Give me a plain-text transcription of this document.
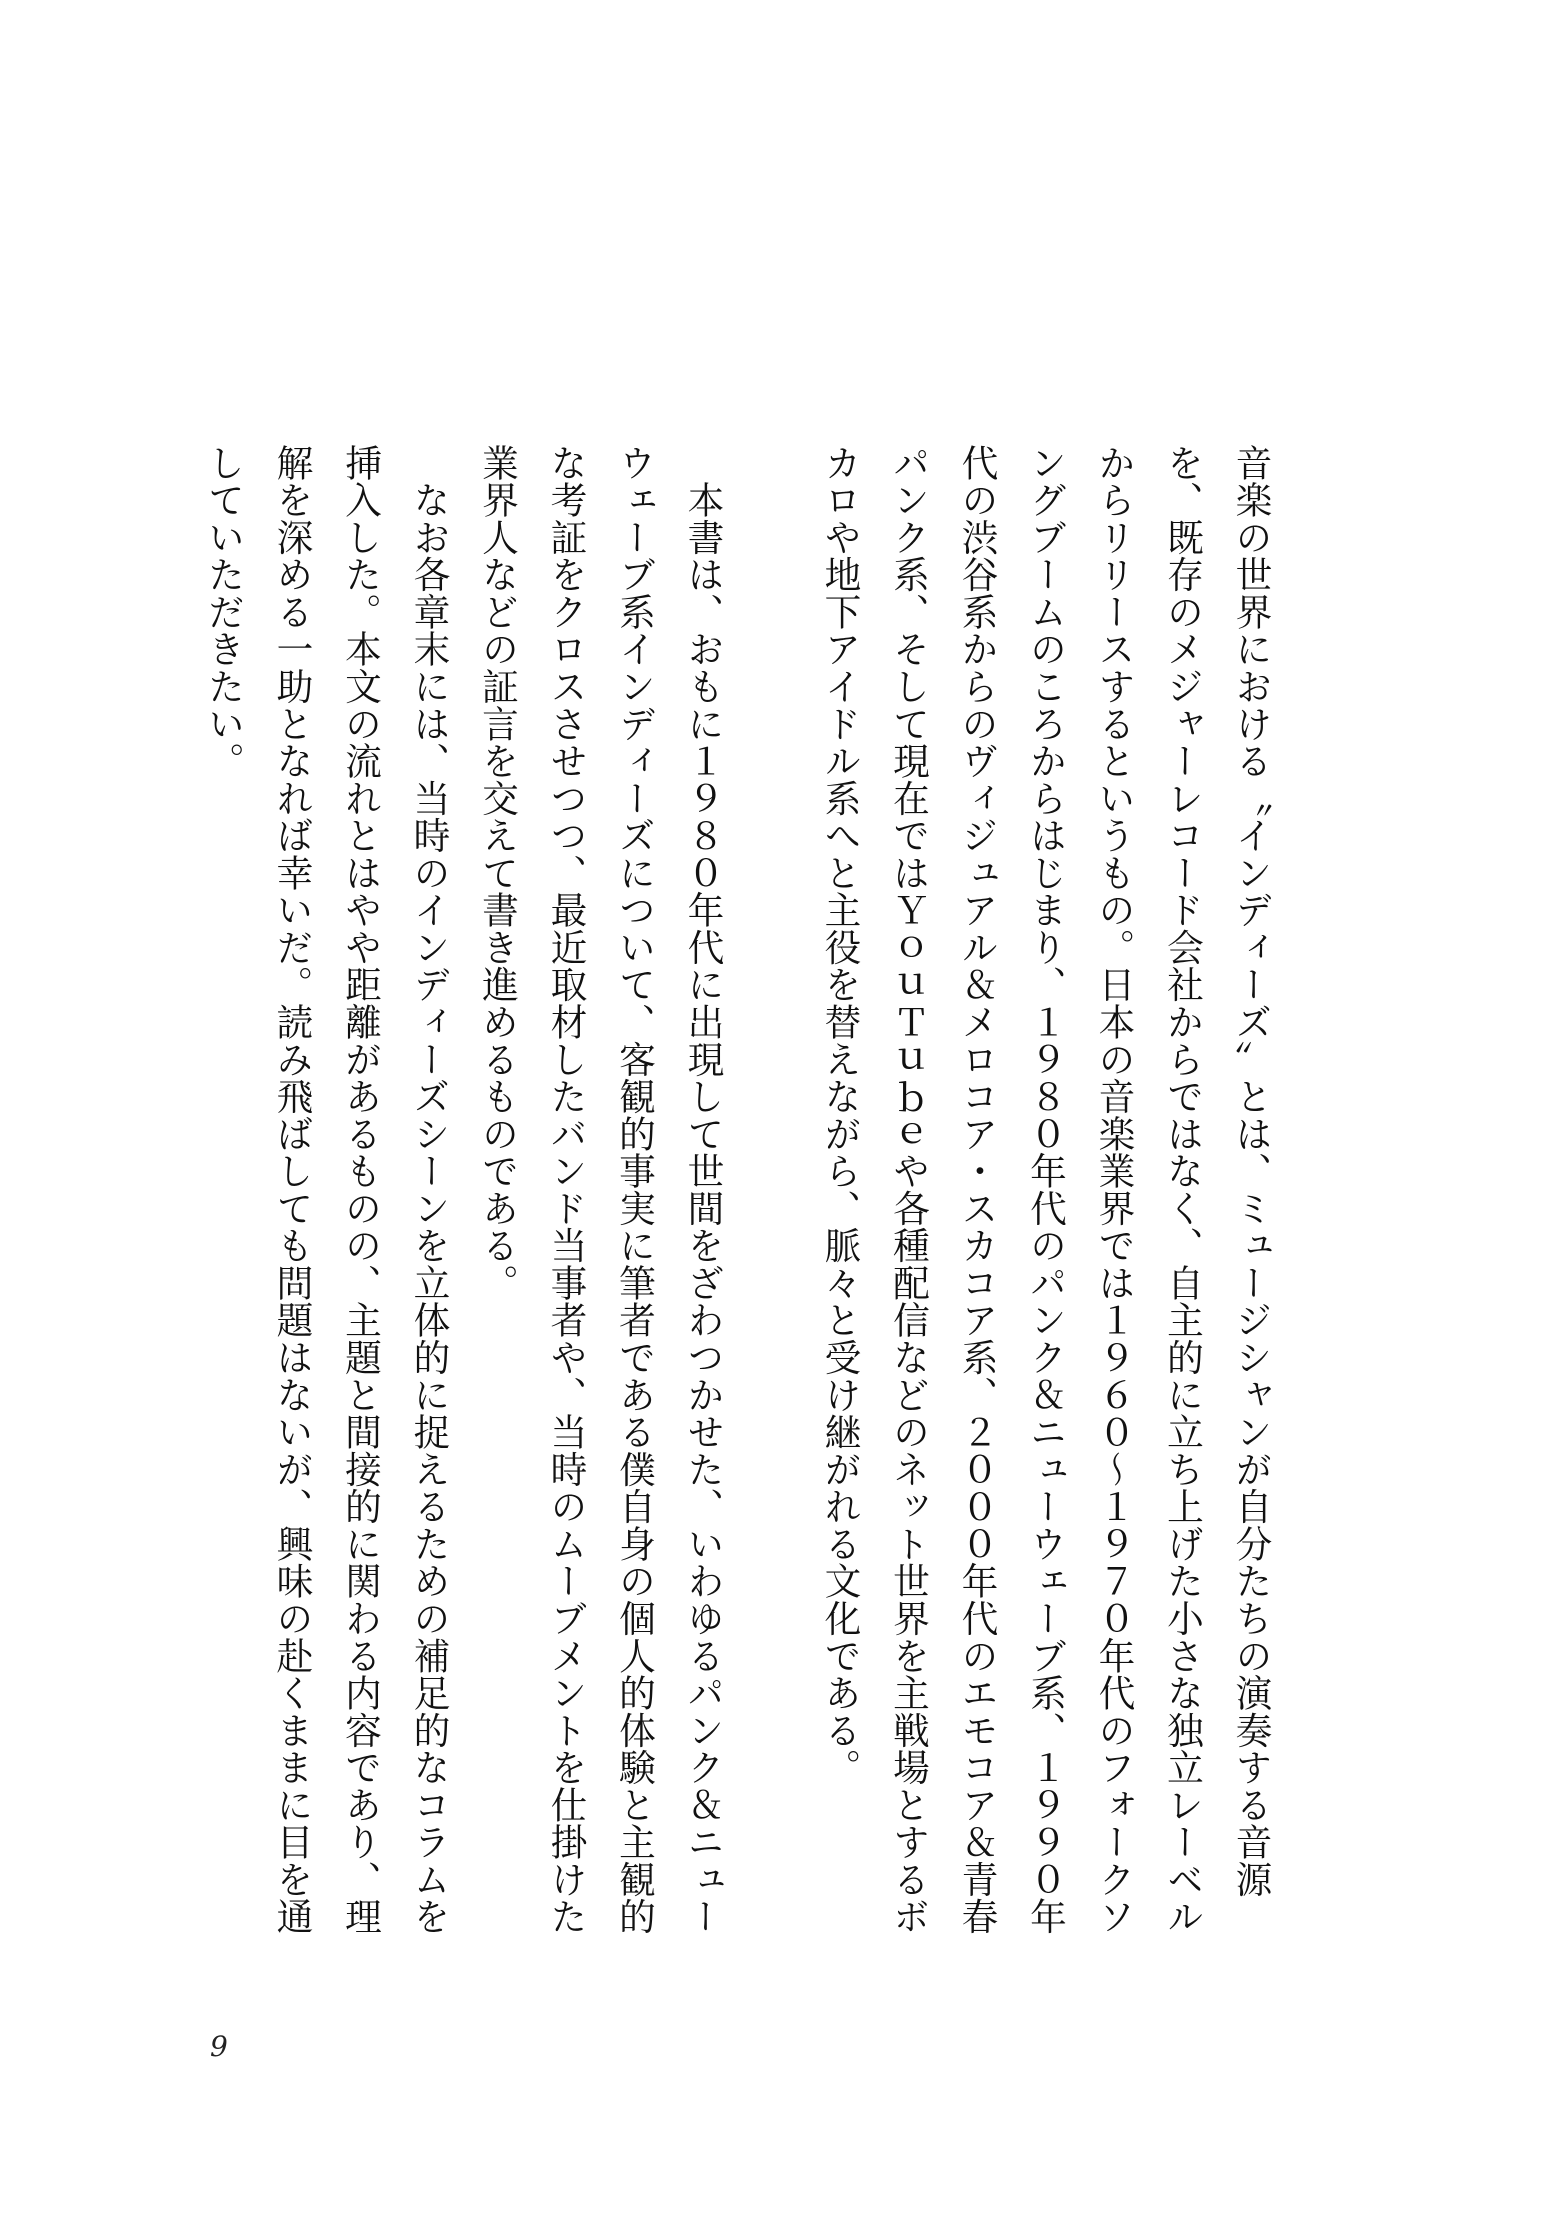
音楽の世界における〝インディーズ〟とは、ミュージシャンが自分たちの演奏する音源
を、既存のメジャーレコード会社からではなく、自主的に立ち上げた小さな独立レーベル
からリリースするというもの。日本の音楽業界では１９６０～１９７０年代のフォークソ
ングブームのころからはじまり、１９８０年代のパンク＆ニューウェーブ系、１９９０年
代の渋谷系からのヴィジュアル＆メロコア・スカコア系、２０００年代のエモコア＆青春
パンク系、そして現在ではＹｏｕＴｕｂｅや各種配信などのネット世界を主戦場とするボ
カロや地下アイドル系へと主役を替えながら、脈々と受け継がれる文化である。

　本書は、おもに１９８０年代に出現して世間をざわつかせた、いわゆるパンク＆ニュー
ウェーブ系インディーズについて、客観的事実に筆者である僕自身の個人的体験と主観的
な考証をクロスさせつつ、最近取材したバンド当事者や、当時のムーブメントを仕掛けた
業界人などの証言を交えて書き進めるものである。
　なお各章末には、当時のインディーズシーンを立体的に捉えるための補足的なコラムを
挿入した。本文の流れとはやや距離があるものの、主題と間接的に関わる内容であり、理
解を深める一助となれば幸いだ。読み飛ばしても問題はないが、興味の赴くままに目を通
していただきたい。
9
